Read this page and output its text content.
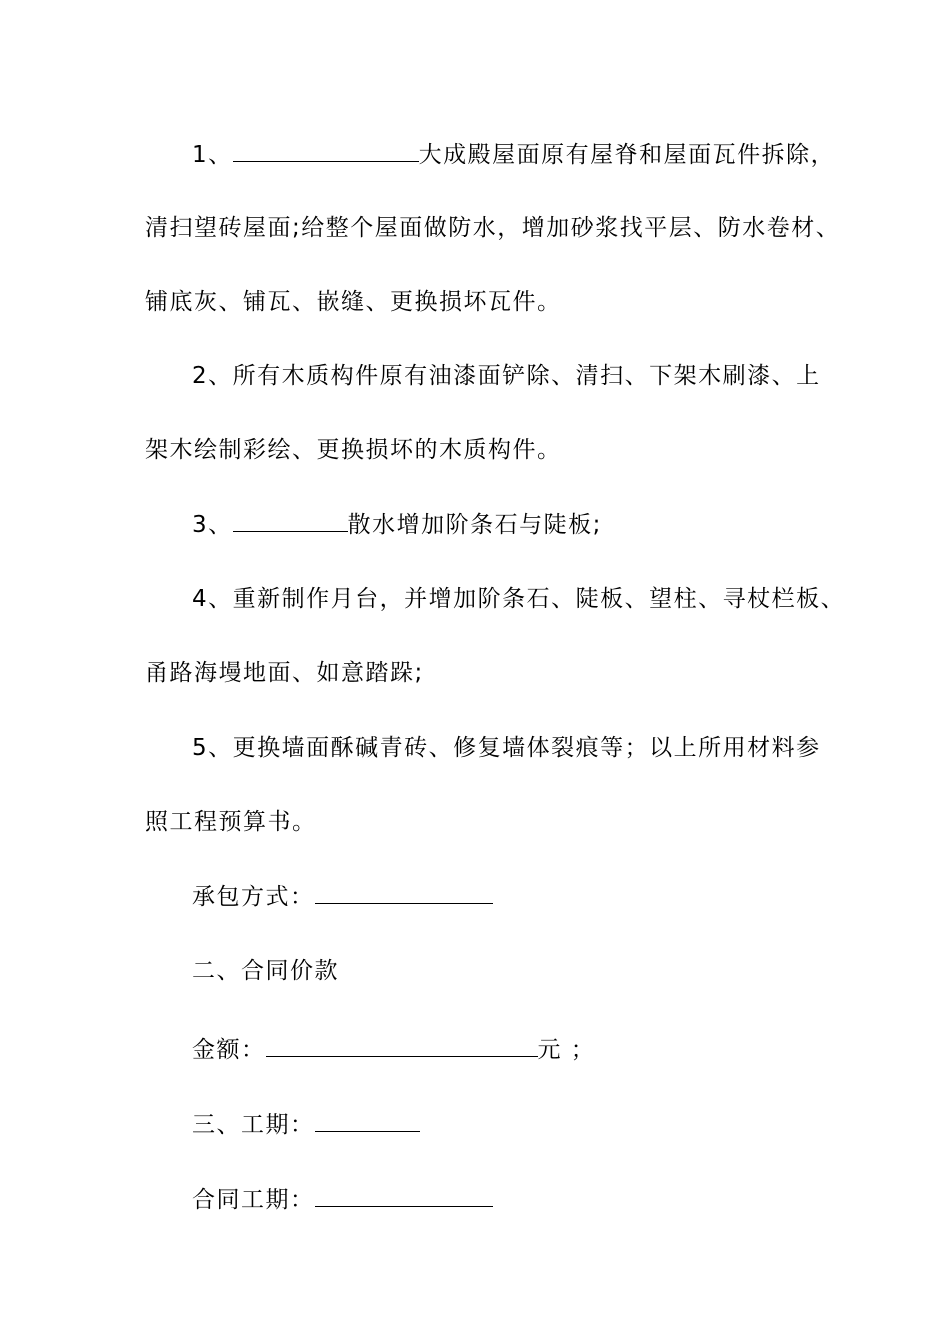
1、	大成殿屋面原有屋脊和屋面瓦件拆除，
清扫望砖屋面;给整个屋面做防水，增加砂浆找平层、防水卷材、
铺底灰、铺瓦、嵌缝、更换损坏瓦件。
2、所有木质构件原有油漆面铲除、清扫、下架木刷漆、上
架木绘制彩绘、更换损坏的木质构件。
3、	散水增加阶条石与陡板;
4、重新制作月台，并增加阶条石、陡板、望柱、寻杖栏板、
甬路海墁地面、如意踏跺;
5、更换墙面酥碱青砖、修复墙体裂痕等；以上所用材料参
照工程预算书。
承包方式：
二、合同价款
金额：	元 ；
三、工期：
合同工期：
